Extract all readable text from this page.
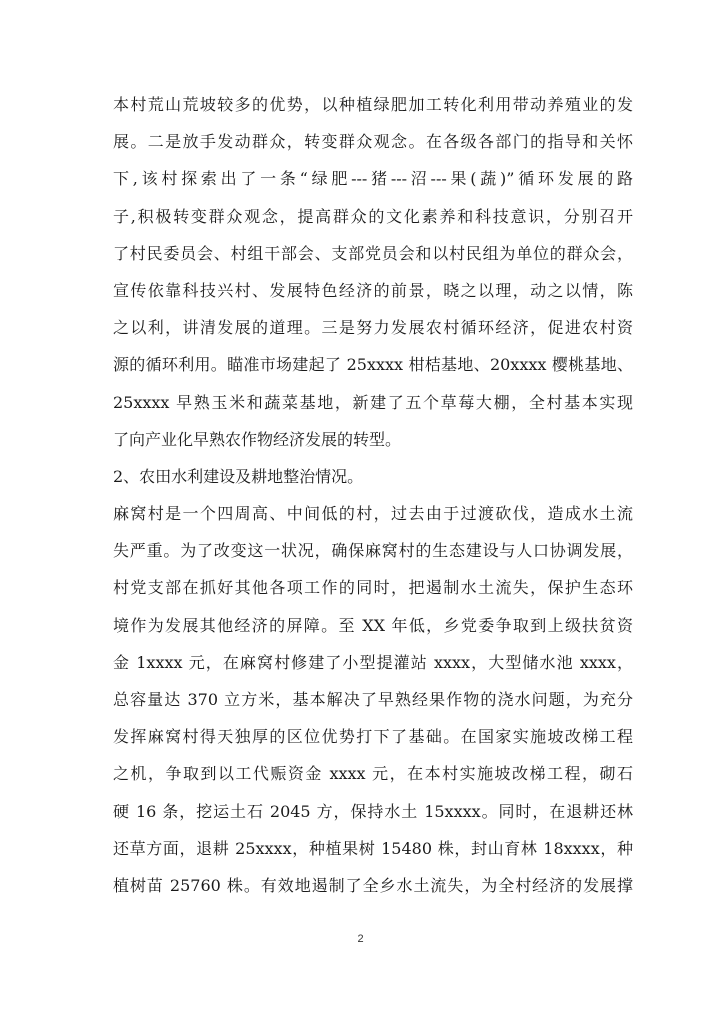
本村荒山荒坡较多的优势，以种植绿肥加工转化利用带动养殖业的发
展。二是放手发动群众，转变群众观念。在各级各部门的指导和关怀
下,该村探索出了一条“绿肥---猪---沼---果(蔬)”循环发展的路
子,积极转变群众观念，提高群众的文化素养和科技意识，分别召开
了村民委员会、村组干部会、支部党员会和以村民组为单位的群众会，
宣传依靠科技兴村、发展特色经济的前景，晓之以理，动之以情，陈
之以利，讲清发展的道理。三是努力发展农村循环经济，促进农村资
源的循环利用。瞄准市场建起了 25xxxx 柑桔基地、20xxxx 樱桃基地、
25xxxx 早熟玉米和蔬菜基地，新建了五个草莓大棚，全村基本实现
了向产业化早熟农作物经济发展的转型。
2、农田水利建设及耕地整治情况。
麻窝村是一个四周高、中间低的村，过去由于过渡砍伐，造成水土流
失严重。为了改变这一状况，确保麻窝村的生态建设与人口协调发展，
村党支部在抓好其他各项工作的同时，把遏制水土流失，保护生态环
境作为发展其他经济的屏障。至 XX 年低，乡党委争取到上级扶贫资
金 1xxxx 元，在麻窝村修建了小型提灌站 xxxx，大型储水池 xxxx，
总容量达 370 立方米，基本解决了早熟经果作物的浇水问题，为充分
发挥麻窝村得天独厚的区位优势打下了基础。在国家实施坡改梯工程
之机，争取到以工代赈资金 xxxx 元，在本村实施坡改梯工程，砌石
硬 16 条，挖运土石 2045 方，保持水土 15xxxx。同时，在退耕还林
还草方面，退耕 25xxxx，种植果树 15480 株，封山育林 18xxxx，种
植树苗 25760 株。有效地遏制了全乡水土流失，为全村经济的发展撑
2
